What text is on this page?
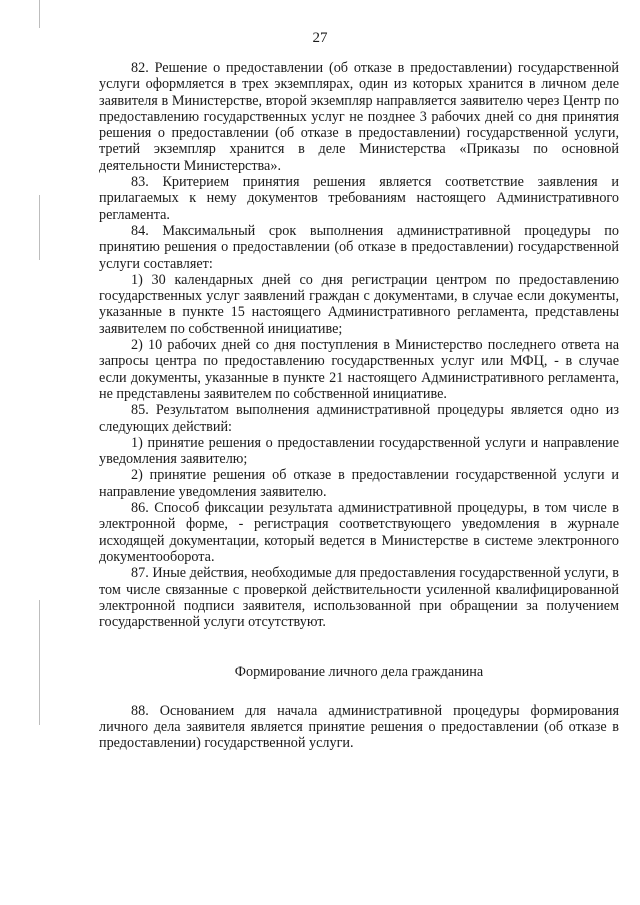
27

82. Решение о предоставлении (об отказе в предоставлении) государственной услуги оформляется в трех экземплярах, один из которых хранится в личном деле заявителя в Министерстве, второй экземпляр направляется заявителю через Центр по предоставлению государственных услуг не позднее 3 рабочих дней со дня принятия решения о предоставлении (об отказе в предоставлении) государственной услуги, третий экземпляр хранится в деле Министерства «Приказы по основной деятельности Министерства».

83. Критерием принятия решения является соответствие заявления и прилагаемых к нему документов требованиям настоящего Административного регламента.

84. Максимальный срок выполнения административной процедуры по принятию решения о предоставлении (об отказе в предоставлении) государственной услуги составляет:

1) 30 календарных дней со дня регистрации центром по предоставлению государственных услуг заявлений граждан с документами, в случае если документы, указанные в пункте 15 настоящего Административного регламента, представлены заявителем по собственной инициативе;

2) 10 рабочих дней со дня поступления в Министерство последнего ответа на запросы центра по предоставлению государственных услуг или МФЦ, - в случае если документы, указанные в пункте 21 настоящего Административного регламента, не представлены заявителем по собственной инициативе.

85. Результатом выполнения административной процедуры является одно из следующих действий:

1) принятие решения о предоставлении государственной услуги и направление уведомления заявителю;

2) принятие решения об отказе в предоставлении государственной услуги и направление уведомления заявителю.

86. Способ фиксации результата административной процедуры, в том числе в электронной форме, - регистрация соответствующего уведомления в журнале исходящей документации, который ведется в Министерстве в системе электронного документооборота.

87. Иные действия, необходимые для предоставления государственной услуги, в том числе связанные с проверкой действительности усиленной квалифицированной электронной подписи заявителя, использованной при обращении за получением государственной услуги отсутствуют.

Формирование личного дела гражданина

88. Основанием для начала административной процедуры формирования личного дела заявителя является принятие решения о предоставлении (об отказе в предоставлении) государственной услуги.
